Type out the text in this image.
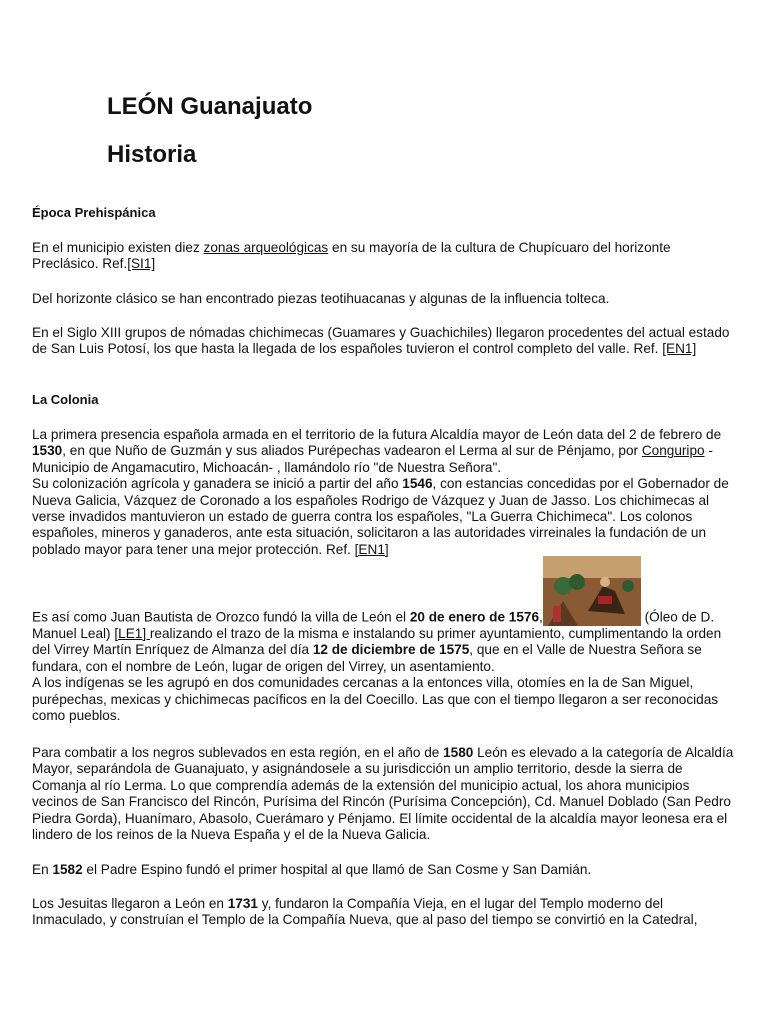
LEÓN Guanajuato
Historia
Época Prehispánica

En el municipio existen diez zonas arqueológicas en su mayoría de la cultura de Chupícuaro del horizonte Preclásico. Ref.[SI1]

Del horizonte clásico se han encontrado piezas teotihuacanas y algunas de la influencia tolteca.

En el Siglo XIII grupos de nómadas chichimecas (Guamares y Guachichiles) llegaron procedentes del actual estado de San Luis Potosí, los que hasta la llegada de los españoles tuvieron el control completo del valle. Ref. [EN1]

La Colonia

La primera presencia española armada en el territorio de la futura Alcaldía mayor de León data del 2 de febrero de 1530, en que Nuño de Guzmán y sus aliados Purépechas vadearon el Lerma al sur de Pénjamo, por Conguripo - Municipio de Angamacutiro, Michoacán- , llamándolo río "de Nuestra Señora".
Su colonización agrícola y ganadera se inició a partir del año 1546, con estancias concedidas por el Gobernador de Nueva Galicia, Vázquez de Coronado a los españoles Rodrigo de Vázquez y Juan de Jasso. Los chichimecas al verse invadidos mantuvieron un estado de guerra contra los españoles, "La Guerra Chichimeca". Los colonos españoles, mineros y ganaderos, ante esta situación, solicitaron a las autoridades virreinales la fundación de un poblado mayor para tener una mejor protección. Ref. [EN1]

Es así como Juan Bautista de Orozco fundó la villa de León el 20 de enero de 1576,	(Óleo de D. Manuel Leal) [LE1] realizando el trazo de la misma e instalando su primer ayuntamiento, cumplimentando la orden del Virrey Martín Enríquez de Almanza del día 12 de diciembre de 1575, que en el Valle de Nuestra Señora se fundara, con el nombre de León, lugar de origen del Virrey, un asentamiento.
A los indígenas se les agrupó en dos comunidades cercanas a la entonces villa, otomíes en la de San Miguel, purépechas, mexicas y chichimecas pacíficos en la del Coecillo. Las que con el tiempo llegaron a ser reconocidas como pueblos.

Para combatir a los negros sublevados en esta región, en el año de 1580 León es elevado a la categoría de Alcaldía Mayor, separándola de Guanajuato, y asignándosele a su jurisdicción un amplio territorio, desde la sierra de Comanja al río Lerma. Lo que comprendía además de la extensión del municipio actual, los ahora municipios vecinos de San Francisco del Rincón, Purísima del Rincón (Purísima Concepción), Cd. Manuel Doblado (San Pedro Piedra Gorda), Huanímaro, Abasolo, Cuerámaro y Pénjamo. El límite occidental de la alcaldía mayor leonesa era el lindero de los reinos de la Nueva España y el de la Nueva Galicia.

En 1582 el Padre Espino fundó el primer hospital al que llamó de San Cosme y San Damián.

Los Jesuitas llegaron a León en 1731 y, fundaron la Compañía Vieja, en el lugar del Templo moderno del Inmaculado, y construían el Templo de la Compañía Nueva, que al paso del tiempo se convirtió en la Catedral,
